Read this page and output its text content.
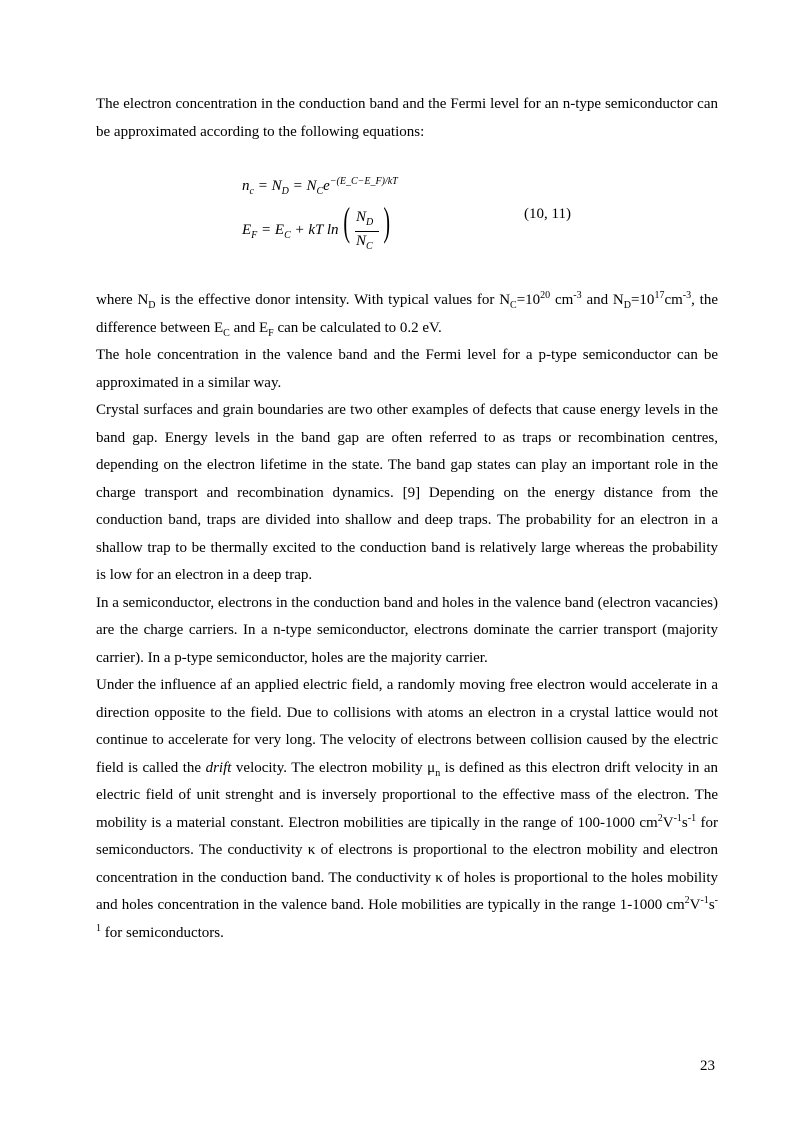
The electron concentration in the conduction band and the Fermi level for an n-type semiconductor can be approximated according to the following equations:

$n_c = N_D = N_Ce^{-(E\_C-E\_F)/kT}$
$E_F = E_C$ + kT ln ( $N_D$
$N_C$
)	(10, 11)

where $N_D$ is the effective donor intensity. With typical values for $N_C=10^{20}$ $cm^{-3}$ and $N_D=10^{17}cm^{-3}$, the difference between $E_C$ and $E_F$ can be calculated to 0.2 eV.

The hole concentration in the valence band and the Fermi level for a p-type semiconductor can be approximated in a similar way.

Crystal surfaces and grain boundaries are two other examples of defects that cause energy levels in the band gap. Energy levels in the band gap are often referred to as traps or recombination centres, depending on the electron lifetime in the state. The band gap states can play an important role in the charge transport and recombination dynamics. [9] Depending on the energy distance from the conduction band, traps are divided into shallow and deep traps. The probability for an electron in a shallow trap to be thermally excited to the conduction band is relatively large whereas the probability is low for an electron in a deep trap.

In a semiconductor, electrons in the conduction band and holes in the valence band (electron vacancies) are the charge carriers. In a n-type semiconductor, electrons dominate the carrier transport (majority carrier). In a p-type semiconductor, holes are the majority carrier.

Under the influence af an applied electric field, a randomly moving free electron would accelerate in a direction opposite to the field. Due to collisions with atoms an electron in a crystal lattice would not continue to accelerate for very long. The velocity of electrons between collision caused by the electric field is called the drift velocity. The electron mobility $\mu_n$ is defined as this electron drift velocity in an electric field of unit strenght and is inversely proportional to the effective mass of the electron. The mobility is a material constant. Electron mobilities are tipically in the range of 100-1000 $cm^2V^{-1}s^{-1}$ for semiconductors. The conductivity κ of electrons is proportional to the electron mobility and electron concentration in the conduction band. The conductivity κ of holes is proportional to the holes mobility and holes concentration in the valence band. Hole mobilities are typically in the range 1-1000 $cm^2V^{-1}s^{-1}$ for semiconductors.

23
